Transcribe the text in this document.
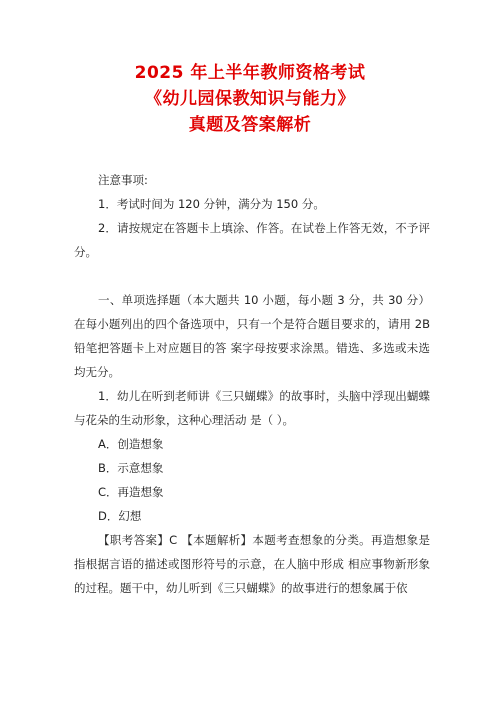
2025 年上半年教师资格考试
《幼儿园保教知识与能力》
真题及答案解析

注意事项:

1．考试时间为 120 分钟，满分为 150 分。

2．请按规定在答题卡上填涂、作答。在试卷上作答无效，不予评分。

一、单项选择题（本大题共 10 小题，每小题 3 分，共 30 分）在每小题列出的四个备选项中，只有一个是符合题目要求的，请用 2B 铅笔把答题卡上对应题目的答 案字母按要求涂黑。错选、多选或未选均无分。

1．幼儿在听到老师讲《三只蝴蝶》的故事时，头脑中浮现出蝴蝶与花朵的生动形象，这种心理活动 是（ ）。

A．创造想象

B．示意想象

C．再造想象

D．幻想

【职考答案】C 【本题解析】本题考查想象的分类。再造想象是指根据言语的描述或图形符号的示意，在人脑中形成 相应事物新形象的过程。题干中，幼儿听到《三只蝴蝶》的故事进行的想象属于依
